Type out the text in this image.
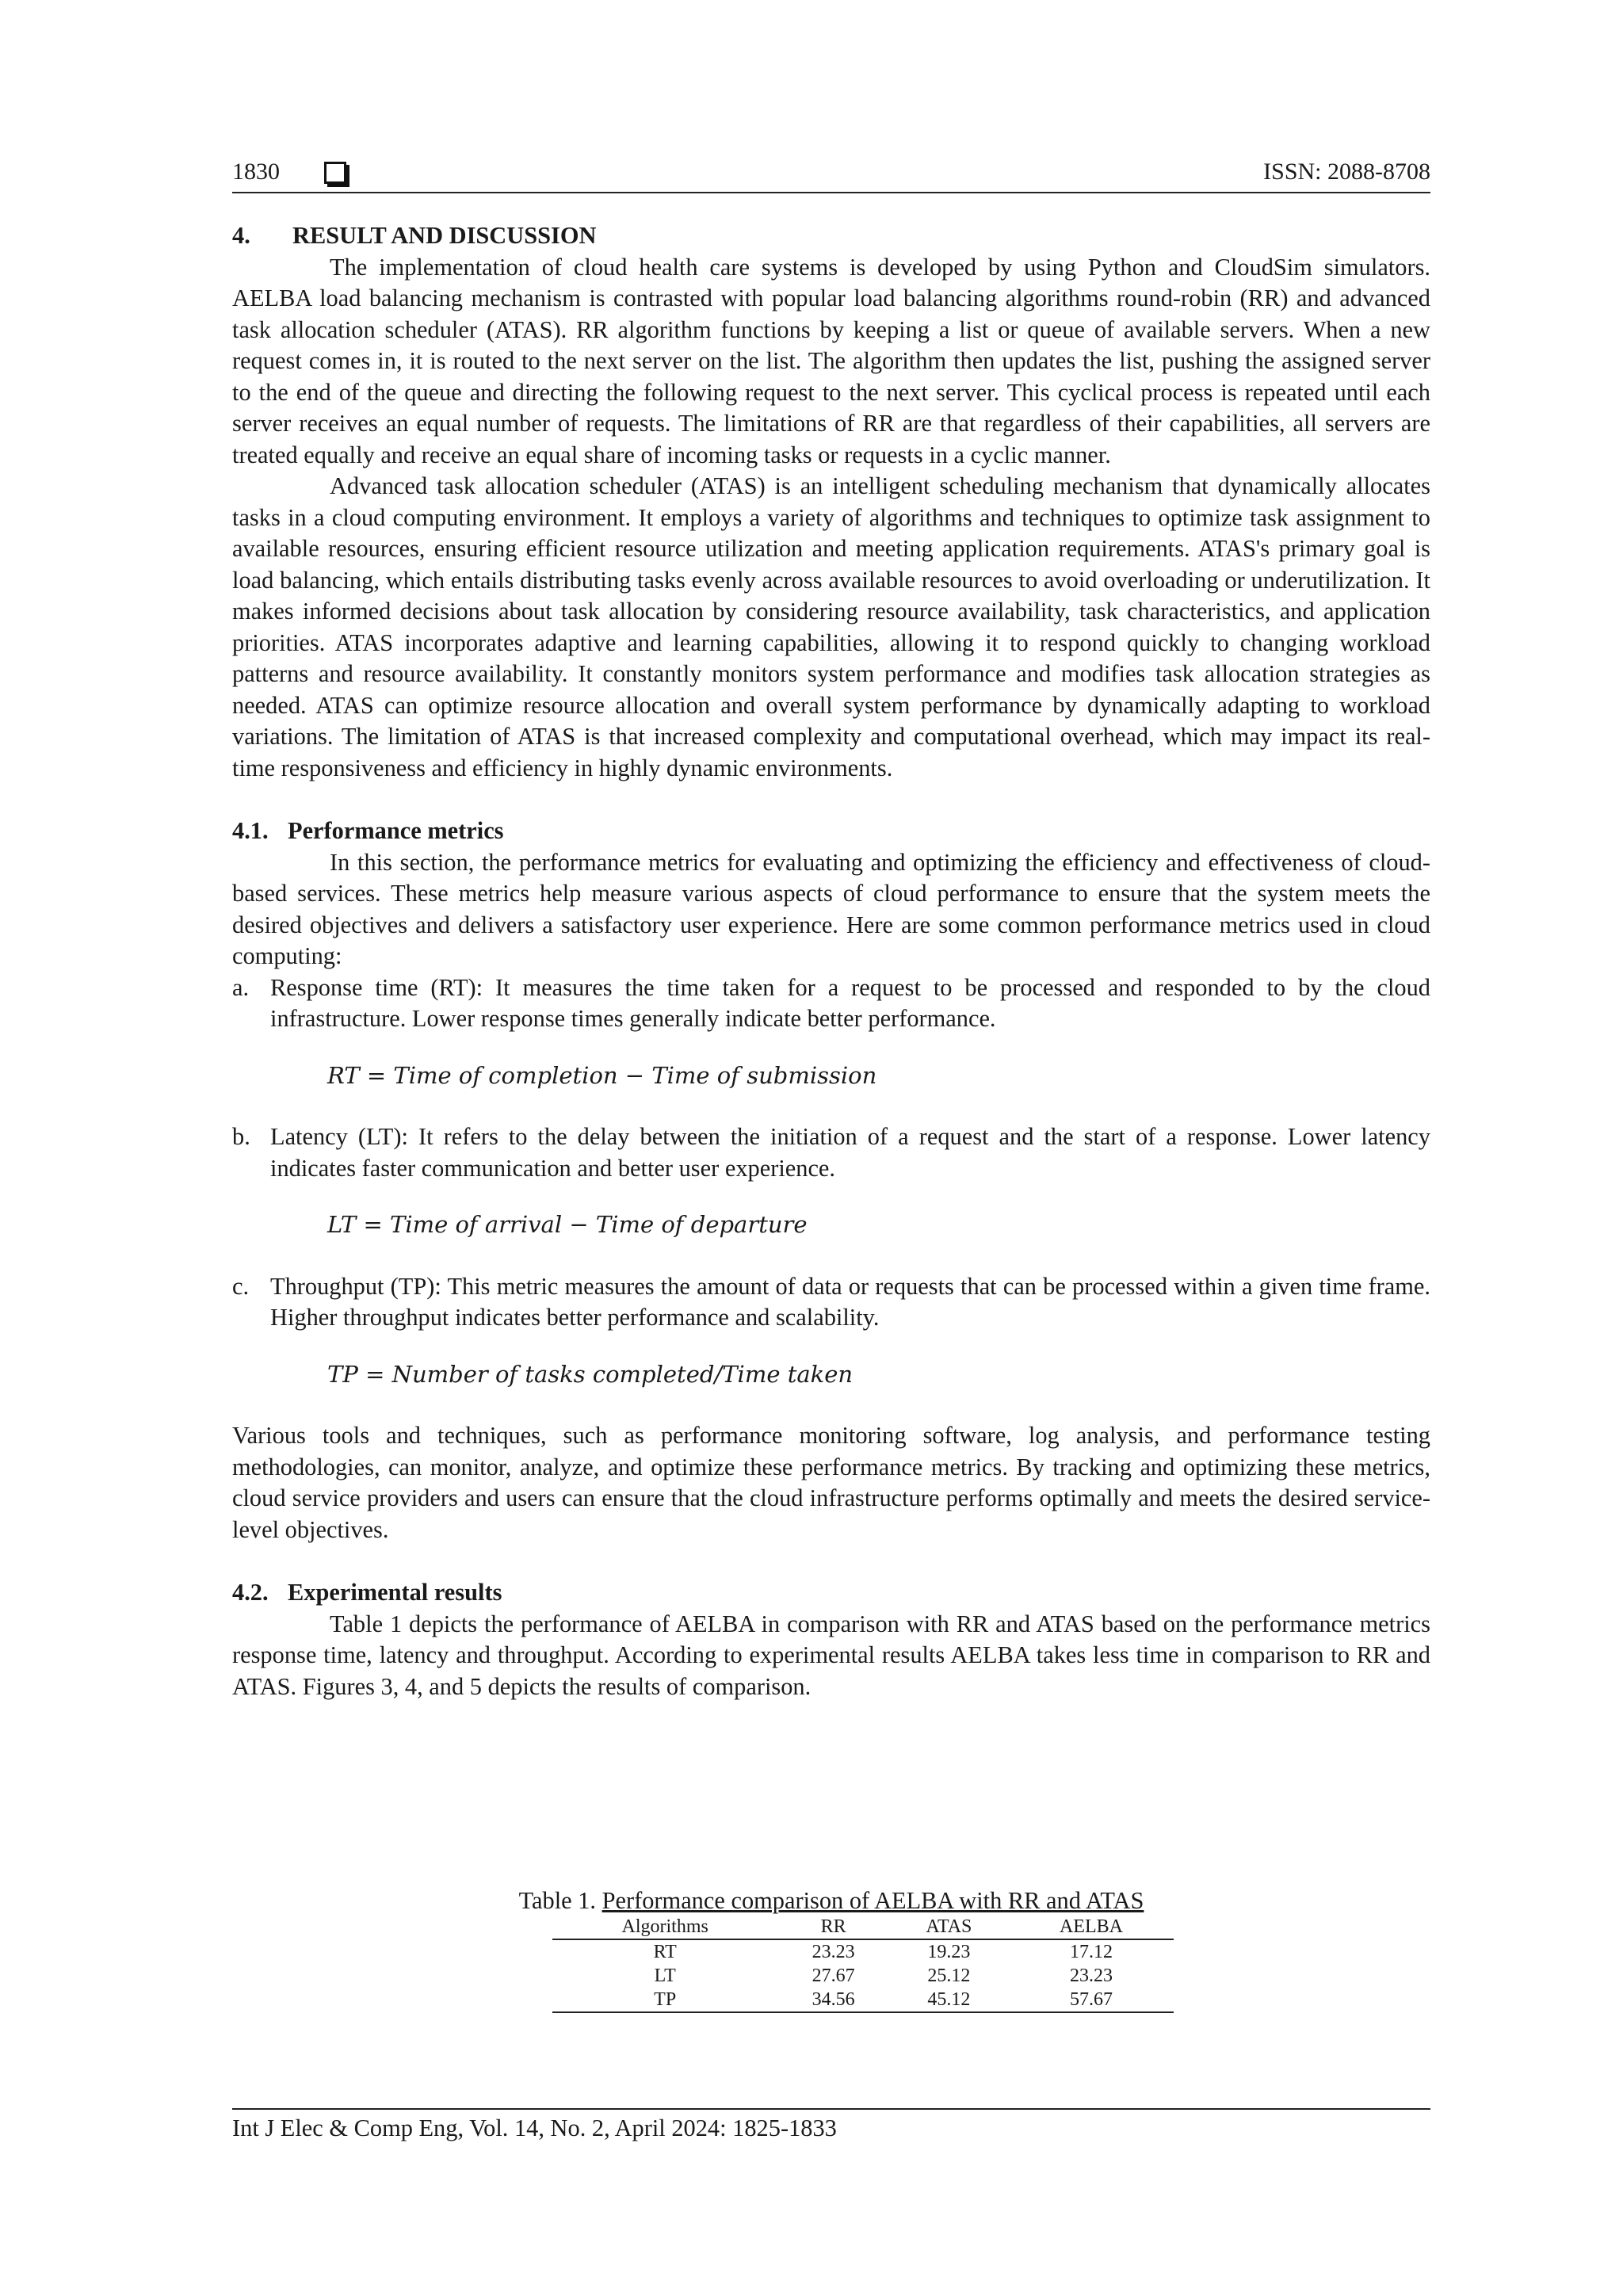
1830	ISSN: 2088-8708
4. RESULT AND DISCUSSION

The implementation of cloud health care systems is developed by using Python and CloudSim simulators. AELBA load balancing mechanism is contrasted with popular load balancing algorithms round-robin (RR) and advanced task allocation scheduler (ATAS). RR algorithm functions by keeping a list or queue of available servers. When a new request comes in, it is routed to the next server on the list. The algorithm then updates the list, pushing the assigned server to the end of the queue and directing the following request to the next server. This cyclical process is repeated until each server receives an equal number of requests. The limitations of RR are that regardless of their capabilities, all servers are treated equally and receive an equal share of incoming tasks or requests in a cyclic manner.

Advanced task allocation scheduler (ATAS) is an intelligent scheduling mechanism that dynamically allocates tasks in a cloud computing environment. It employs a variety of algorithms and techniques to optimize task assignment to available resources, ensuring efficient resource utilization and meeting application requirements. ATAS's primary goal is load balancing, which entails distributing tasks evenly across available resources to avoid overloading or underutilization. It makes informed decisions about task allocation by considering resource availability, task characteristics, and application priorities. ATAS incorporates adaptive and learning capabilities, allowing it to respond quickly to changing workload patterns and resource availability. It constantly monitors system performance and modifies task allocation strategies as needed. ATAS can optimize resource allocation and overall system performance by dynamically adapting to workload variations. The limitation of ATAS is that increased complexity and computational overhead, which may impact its real-time responsiveness and efficiency in highly dynamic environments.

4.1. Performance metrics

In this section, the performance metrics for evaluating and optimizing the efficiency and effectiveness of cloud-based services. These metrics help measure various aspects of cloud performance to ensure that the system meets the desired objectives and delivers a satisfactory user experience. Here are some common performance metrics used in cloud computing:

a. Response time (RT): It measures the time taken for a request to be processed and responded to by the cloud infrastructure. Lower response times generally indicate better performance.

RT = Time of completion − Time of submission
b. Latency (LT): It refers to the delay between the initiation of a request and the start of a response. Lower latency indicates faster communication and better user experience.

LT = Time of arrival − Time of departure
c. Throughput (TP): This metric measures the amount of data or requests that can be processed within a given time frame. Higher throughput indicates better performance and scalability.

TP = Number of tasks completed/Time taken

Various tools and techniques, such as performance monitoring software, log analysis, and performance testing methodologies, can monitor, analyze, and optimize these performance metrics. By tracking and optimizing these metrics, cloud service providers and users can ensure that the cloud infrastructure performs optimally and meets the desired service-level objectives.

4.2. Experimental results

Table 1 depicts the performance of AELBA in comparison with RR and ATAS based on the performance metrics response time, latency and throughput. According to experimental results AELBA takes less time in comparison to RR and ATAS. Figures 3, 4, and 5 depicts the results of comparison.

Table 1. Performance comparison of AELBA with RR and ATAS
Algorithms	RR	ATAS	AELBA
RT	23.23	19.23	17.12
LT	27.67	25.12	23.23
TP	34.56	45.12	57.67
Int J Elec & Comp Eng, Vol. 14, No. 2, April 2024: 1825-1833
